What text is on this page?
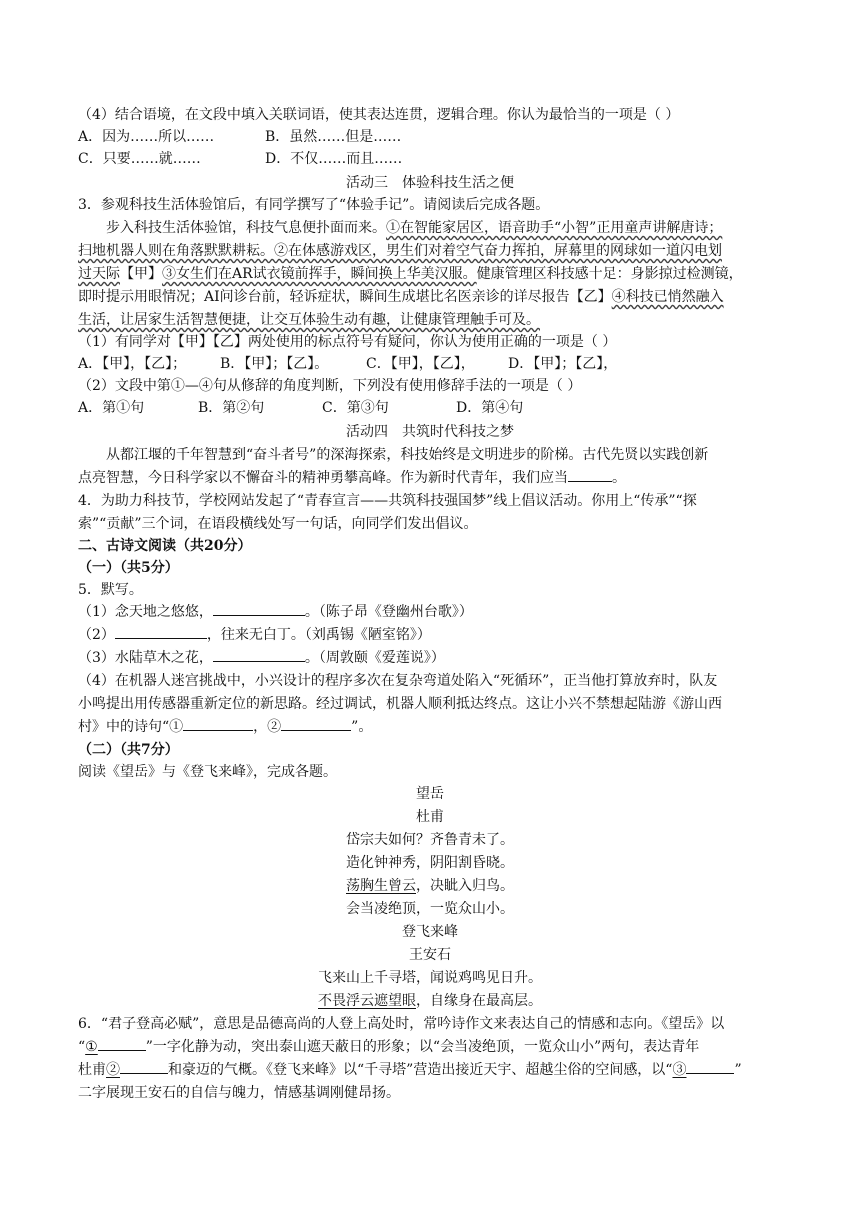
（4）结合语境，在文段中填入关联词语，使其表达连贯，逻辑合理。你认为最恰当的一项是（ ）
A．因为……所以……	B．虽然……但是……
C．只要……就……	D．不仅……而且……
活动三　体验科技生活之便
3．参观科技生活体验馆后，有同学撰写了“体验手记”。请阅读后完成各题。
步入科技生活体验馆，科技气息便扑面而来。①在智能家居区，语音助手“小智”正用童声讲解唐诗；
扫地机器人则在角落默默耕耘。②在体感游戏区，男生们对着空气奋力挥拍，屏幕里的网球如一道闪电划
过天际【甲】③女生们在AR试衣镜前挥手，瞬间换上华美汉服。健康管理区科技感十足：身影掠过检测镜，
即时提示用眼情况；AI问诊台前，轻诉症状，瞬间生成堪比名医亲诊的详尽报告【乙】④科技已悄然融入
生活，让居家生活智慧便捷，让交互体验生动有趣，让健康管理触手可及。
（1）有同学对【甲】【乙】两处使用的标点符号有疑问，你认为使用正确的一项是（ ）
A．【甲】，【乙】； B．【甲】；【乙】。	C．【甲】，【乙】， D．【甲】；【乙】，
（2）文段中第①—④句从修辞的角度判断，下列没有使用修辞手法的一项是（ ）
A．第①句	B．第②句	C．第③句	D．第④句
活动四　共筑时代科技之梦
从都江堰的千年智慧到“奋斗者号”的深海探索，科技始终是文明进步的阶梯。古代先贤以实践创新
点亮智慧，今日科学家以不懈奋斗的精神勇攀高峰。作为新时代青年，我们应当	。
4．为助力科技节，学校网站发起了“青春宣言——共筑科技强国梦”线上倡议活动。你用上“传承”“探
索”“贡献”三个词，在语段横线处写一句话，向同学们发出倡议。
二、古诗文阅读（共20分）
（一）（共5分）
5．默写。
（1）念天地之悠悠，	。（陈子昂《登幽州台歌》）
（2）	，往来无白丁。（刘禹锡《陋室铭》）
（3）水陆草木之花，	。（周敦颐《爱莲说》）
（4）在机器人迷宫挑战中，小兴设计的程序多次在复杂弯道处陷入“死循环”，正当他打算放弃时，队友
小鸣提出用传感器重新定位的新思路。经过调试，机器人顺利抵达终点。这让小兴不禁想起陆游《游山西
村》中的诗句“①	，②	”。
（二）（共7分）
阅读《望岳》与《登飞来峰》，完成各题。
望岳
杜甫
岱宗夫如何？齐鲁青未了。
造化钟神秀，阴阳割昏晓。
荡胸生曾云，决眦入归鸟。
会当凌绝顶，一览众山小。
登飞来峰
王安石
飞来山上千寻塔，闻说鸡鸣见日升。
不畏浮云遮望眼，自缘身在最高层。
6．“君子登高必赋”，意思是品德高尚的人登上高处时，常吟诗作文来表达自己的情感和志向。《望岳》以
“①	”一字化静为动，突出泰山遮天蔽日的形象；以“会当凌绝顶，一览众山小”两句，表达青年
杜甫②	和豪迈的气概。《登飞来峰》以“千寻塔”营造出接近天宇、超越尘俗的空间感，以“③	”
二字展现王安石的自信与魄力，情感基调刚健昂扬。
